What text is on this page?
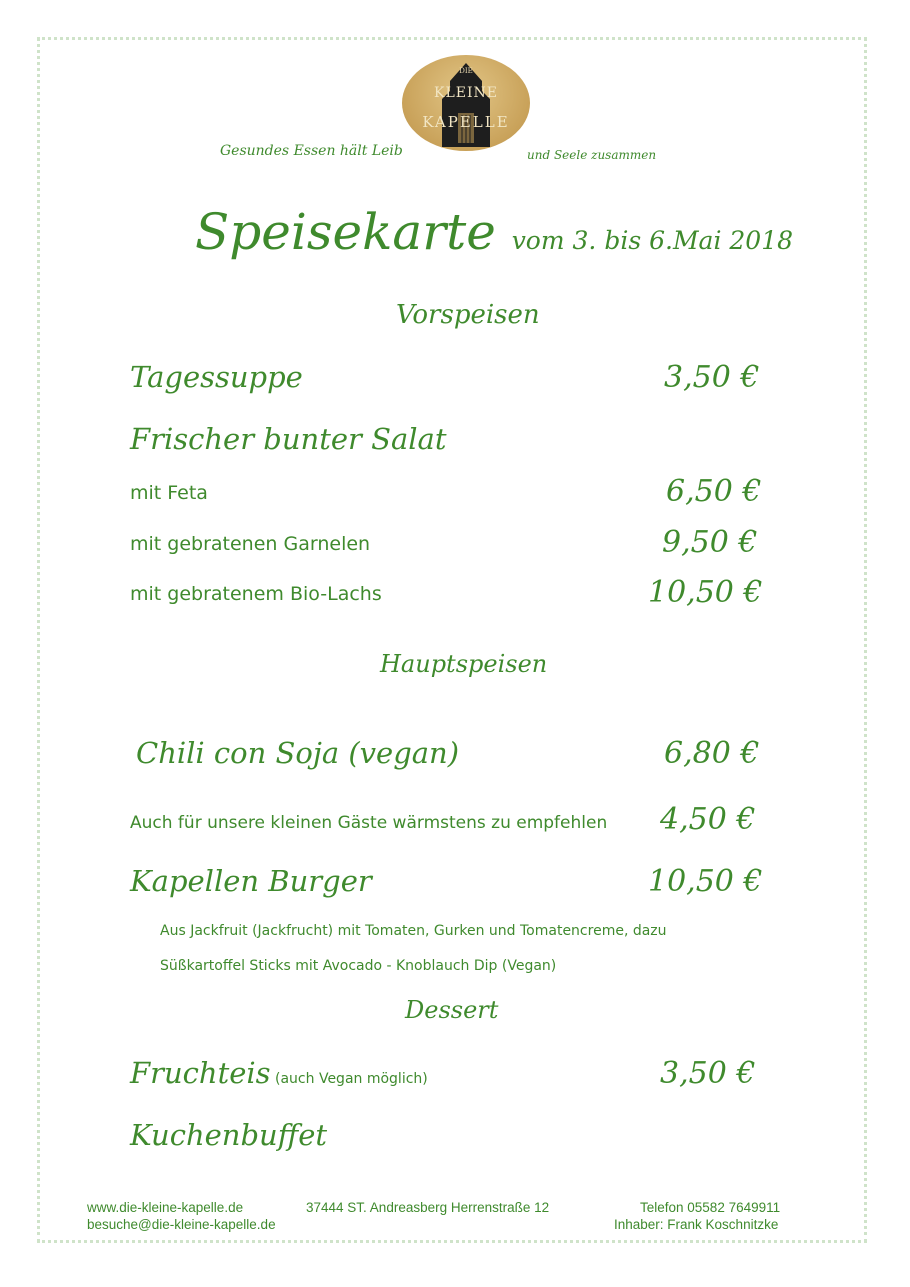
DIE
KLEINE
KAPELLE
Gesundes Essen hält Leib	und Seele zusammen
Speisekarte vom 3. bis 6.Mai 2018
Vorspeisen
Tagessuppe	3,50 €
Frischer bunter Salat
mit Feta	6,50 €
mit gebratenen Garnelen	9,50 €
mit gebratenem Bio-Lachs	10,50 €
Hauptspeisen
Chili con Soja (vegan)	6,80 €
Auch für unsere kleinen Gäste wärmstens zu empfehlen 4,50 €
Kapellen Burger	10,50 €
Aus Jackfruit (Jackfrucht) mit Tomaten, Gurken und Tomatencreme, dazu
Süßkartoffel Sticks mit Avocado - Knoblauch Dip (Vegan)
Dessert
Fruchteis (auch Vegan möglich)	3,50 €
Kuchenbuffet
www.die-kleine-kapelle.de	37444 ST. Andreasberg Herrenstraße 12	Telefon 05582 7649911
besuche@die-kleine-kapelle.de	Inhaber: Frank Koschnitzke
